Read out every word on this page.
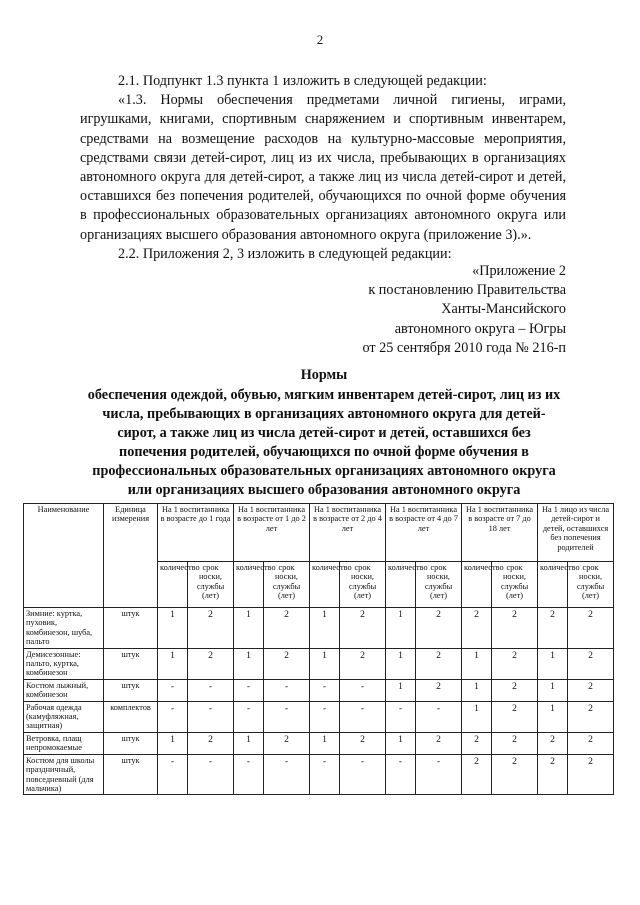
2

2.1. Подпункт 1.3 пункта 1 изложить в следующей редакции:

«1.3. Нормы обеспечения предметами личной гигиены, играми, игрушками, книгами, спортивным снаряжением и спортивным инвентарем, средствами на возмещение расходов на культурно-массовые мероприятия, средствами связи детей-сирот, лиц из их числа, пребывающих в организациях автономного округа для детей-сирот, а также лиц из числа детей-сирот и детей, оставшихся без попечения родителей, обучающихся по очной форме обучения в профессиональных образовательных организациях автономного округа или организациях высшего образования автономного округа (приложение 3).».

2.2. Приложения 2, 3 изложить в следующей редакции:

«Приложение 2
к постановлению Правительства
Ханты-Мансийского
автономного округа – Югры
от 25 сентября 2010 года № 216-п
Нормы
обеспечения одеждой, обувью, мягким инвентарем детей-сирот, лиц из их числа, пребывающих в организациях автономного округа для детей-сирот, а также лиц из числа детей-сирот и детей, оставшихся без попечения родителей, обучающихся по очной форме обучения в профессиональных образовательных организациях автономного округа или организациях высшего образования автономного округа
Наименование	Единица измерения	На 1 воспитанника в возрасте до 1 года		На 1 воспитанника в возрасте от 1 до 2 лет		На 1 воспитанника в возрасте от 2 до 4 лет		На 1 воспитанника в возрасте от 4 до 7 лет		На 1 воспитанника в возрасте от 7 до 18 лет		На 1 лицо из числа детей-сирот и детей, оставшихся без попечения родителей	
		количество	срок носки, службы (лет)	количество	срок носки, службы (лет)	количество	срок носки, службы (лет)	количество	срок носки, службы (лет)	количество	срок носки, службы (лет)	количество	срок носки, службы (лет)
Зимние: куртка, пуховик, комбинезон, шуба, пальто	штук	1	2	1	2	1	2	1	2	2	2	2	2
Демисезонные: пальто, куртка, комбинезон	штук	1	2	1	2	1	2	1	2	1	2	1	2
Костюм лыжный, комбинезон	штук	-	-	-	-	-	-	1	2	1	2	1	2
Рабочая одежда (камуфляжная, защитная)	комплектов	-	-	-	-	-	-	-	-	1	2	1	2
Ветровка, плащ непромокаемые	штук	1	2	1	2	1	2	1	2	2	2	2	2
Костюм для школы праздничный, повседневный (для мальчика)	штук	-	-	-	-	-	-	-	-	2	2	2	2
